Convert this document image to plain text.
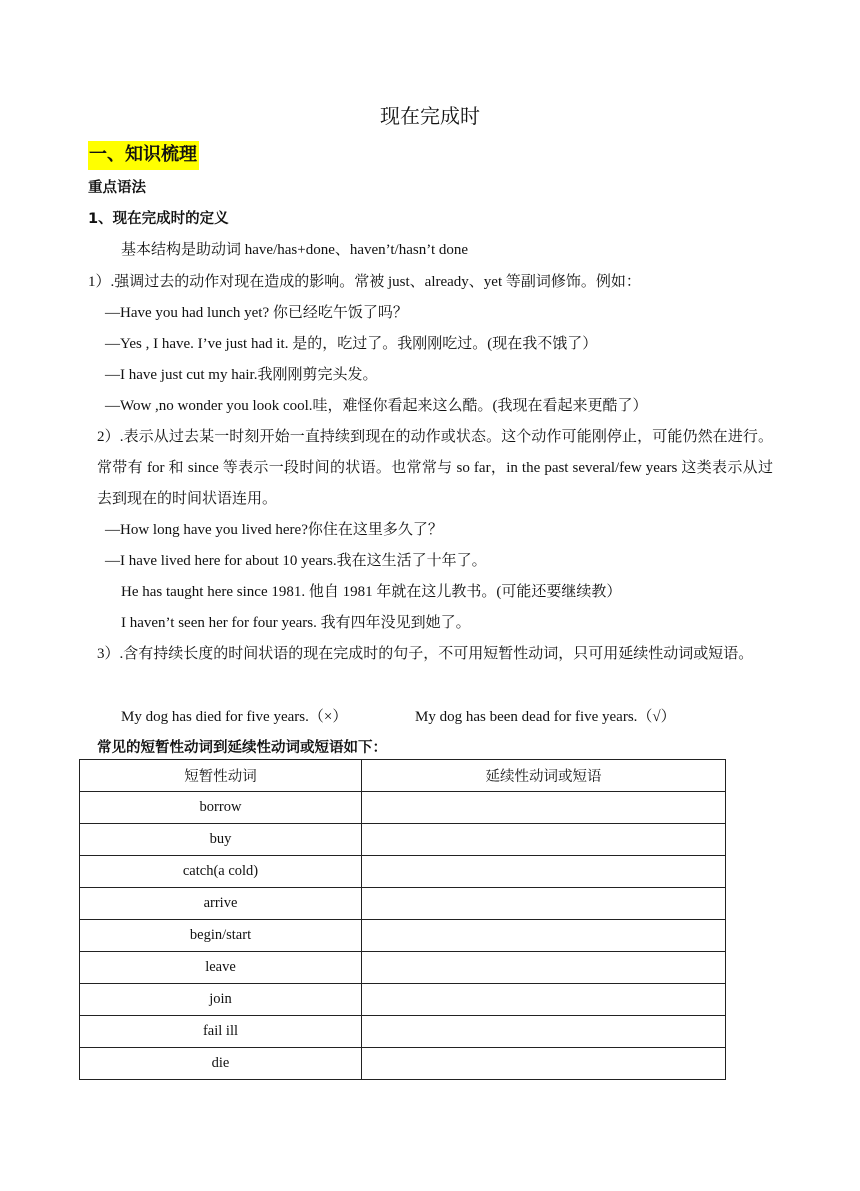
现在完成时
一、知识梳理
重点语法
1、现在完成时的定义
基本结构是助动词 have/has+done、haven’t/hasn’t done
1）.强调过去的动作对现在造成的影响。常被 just、already、yet 等副词修饰。例如：
—Have you had lunch yet? 你已经吃午饭了吗？
—Yes , I have. I’ve just had it. 是的，吃过了。我刚刚吃过。(现在我不饿了）
—I have just cut my hair.我刚刚剪完头发。
—Wow ,no wonder you look cool.哇，难怪你看起来这么酷。(我现在看起来更酷了）
2）.表示从过去某一时刻开始一直持续到现在的动作或状态。这个动作可能刚停止，可能仍然在进行。常带有 for 和 since 等表示一段时间的状语。也常常与 so far，in the past several/few years 这类表示从过去到现在的时间状语连用。
—How long have you lived here?你住在这里多久了？
—I have lived here for about 10 years.我在这生活了十年了。
He has taught here since 1981. 他自 1981 年就在这儿教书。(可能还要继续教）
I haven’t seen her for four years. 我有四年没见到她了。
3）.含有持续长度的时间状语的现在完成时的句子，不可用短暂性动词，只可用延续性动词或短语。
My dog has died for five years.（×）	My dog has been dead for five years.（√）
常见的短暂性动词到延续性动词或短语如下：
短暂性动词	延续性动词或短语
borrow	
buy	
catch(a cold)	
arrive	
begin/start	
leave	
join	
fail ill	
die	
